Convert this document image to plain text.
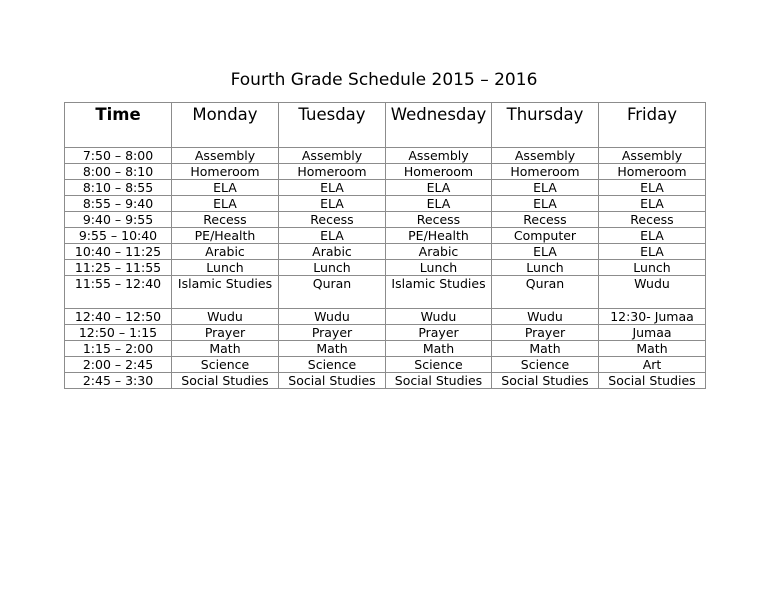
Fourth Grade Schedule 2015 – 2016
Time	Monday	Tuesday	Wednesday	Thursday	Friday
7:50 – 8:00	Assembly	Assembly	Assembly	Assembly	Assembly
8:00 – 8:10	Homeroom	Homeroom	Homeroom	Homeroom	Homeroom
8:10 – 8:55	ELA	ELA	ELA	ELA	ELA
8:55 – 9:40	ELA	ELA	ELA	ELA	ELA
9:40 – 9:55	Recess	Recess	Recess	Recess	Recess
9:55 – 10:40	PE/Health	ELA	PE/Health	Computer	ELA
10:40 – 11:25	Arabic	Arabic	Arabic	ELA	ELA
11:25 – 11:55	Lunch	Lunch	Lunch	Lunch	Lunch
11:55 – 12:40	Islamic Studies	Quran	Islamic Studies	Quran	Wudu
12:40 – 12:50	Wudu	Wudu	Wudu	Wudu	12:30- Jumaa
12:50 – 1:15	Prayer	Prayer	Prayer	Prayer	Jumaa
1:15 – 2:00	Math	Math	Math	Math	Math
2:00 – 2:45	Science	Science	Science	Science	Art
2:45 – 3:30	Social Studies	Social Studies	Social Studies	Social Studies	Social Studies
